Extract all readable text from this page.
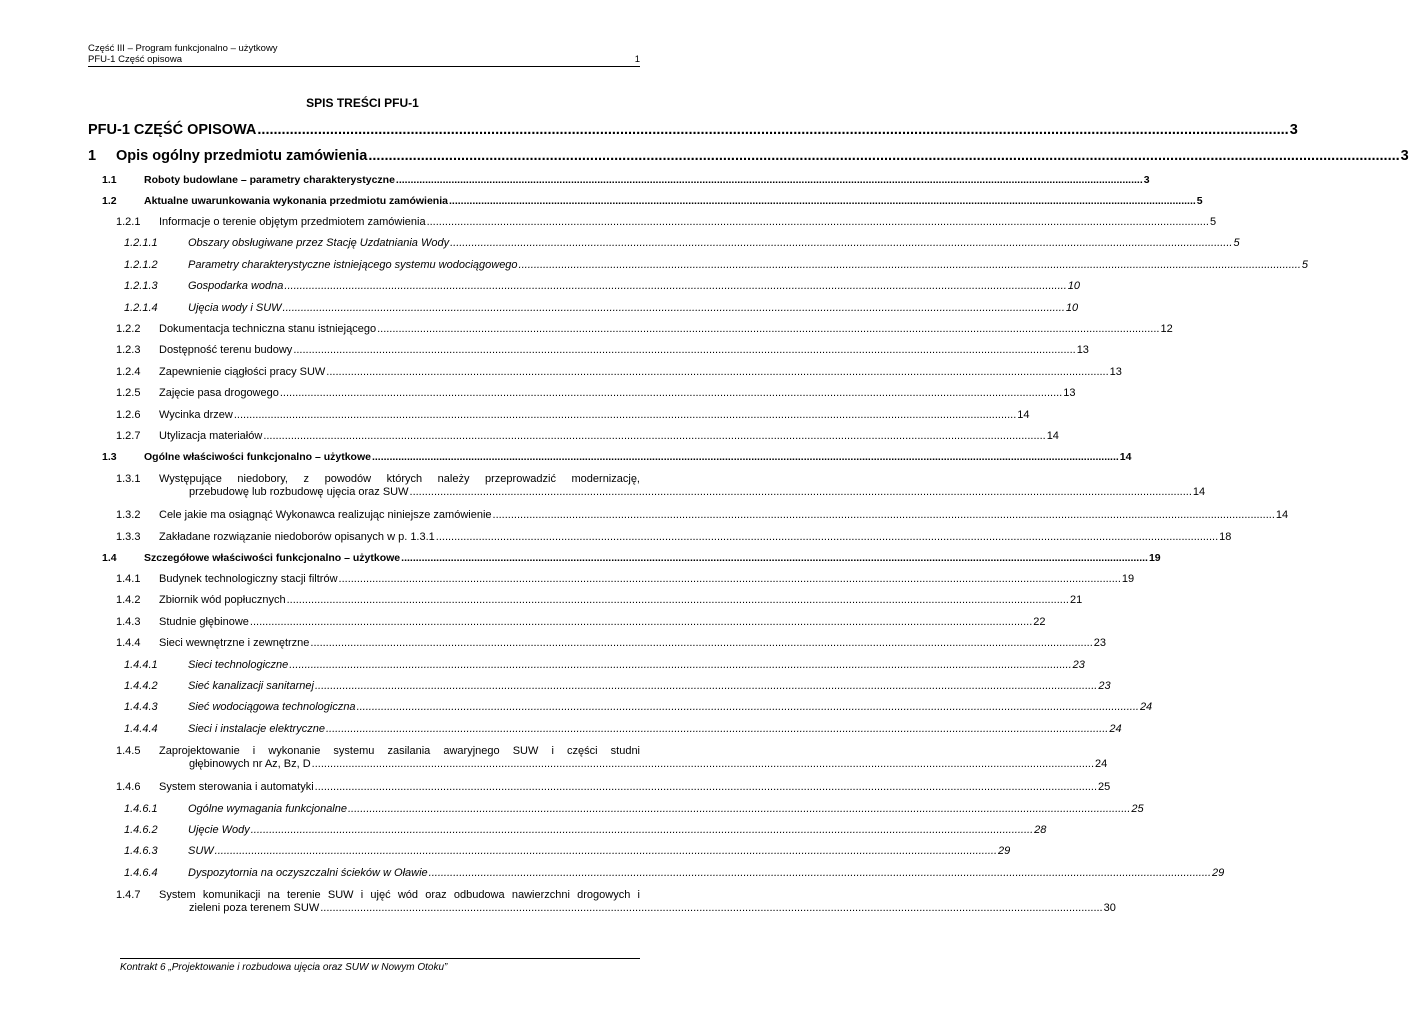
Część III – Program funkcjonalno – użytkowy
PFU-1 Część opisowa	1
SPIS TREŚCI PFU-1
PFU-1 CZĘŚĆ OPISOWA .....	3
1 Opis ogólny przedmiotu zamówienia .....	3
1.1	Roboty budowlane – parametry charakterystyczne .....	3
1.2	Aktualne uwarunkowania wykonania przedmiotu zamówienia .....	5
1.2.1 Informacje o terenie objętym przedmiotem zamówienia .....	5
1.2.1.1	Obszary obsługiwane przez Stację Uzdatniania Wody .....	5
1.2.1.2	Parametry charakterystyczne istniejącego systemu wodociągowego .....	5
1.2.1.3	Gospodarka wodna .....	10
1.2.1.4	Ujęcia wody i SUW .....	10
1.2.2 Dokumentacja techniczna stanu istniejącego .....	12
1.2.3 Dostępność terenu budowy .....	13
1.2.4 Zapewnienie ciągłości pracy SUW .....	13
1.2.5 Zajęcie pasa drogowego .....	13
1.2.6 Wycinka drzew .....	14
1.2.7 Utylizacja materiałów .....	14
1.3	Ogólne właściwości funkcjonalno – użytkowe .....	14
1.3.1 Występujące niedobory, z powodów których należy przeprowadzić modernizację,
przebudowę lub rozbudowę ujęcia oraz SUW .....	14
1.3.2 Cele jakie ma osiągnąć Wykonawca realizując niniejsze zamówienie .....	14
1.3.3 Zakładane rozwiązanie niedoborów opisanych w p. 1.3.1 .....	18
1.4	Szczegółowe właściwości funkcjonalno – użytkowe .....	19
1.4.1 Budynek technologiczny stacji filtrów .....	19
1.4.2 Zbiornik wód popłucznych .....	21
1.4.3 Studnie głębinowe .....	22
1.4.4 Sieci wewnętrzne i zewnętrzne .....	23
1.4.4.1	Sieci technologiczne .....	23
1.4.4.2	Sieć kanalizacji sanitarnej .....	23
1.4.4.3	Sieć wodociągowa technologiczna .....	24
1.4.4.4	Sieci i instalacje elektryczne .....	24
1.4.5 Zaprojektowanie i wykonanie systemu zasilania awaryjnego SUW i części studni
głębinowych nr Az, Bz, D .....	24
1.4.6 System sterowania i automatyki .....	25
1.4.6.1	Ogólne wymagania funkcjonalne .....	25
1.4.6.2	Ujęcie Wody .....	28
1.4.6.3	SUW .....	29
1.4.6.4	Dyspozytornia na oczyszczalni ścieków w Oławie .....	29
1.4.7 System komunikacji na terenie SUW i ujęć wód oraz odbudowa nawierzchni drogowych i
zieleni poza terenem SUW .....	30
Kontrakt 6 „Projektowanie i rozbudowa ujęcia oraz SUW w Nowym Otoku”
